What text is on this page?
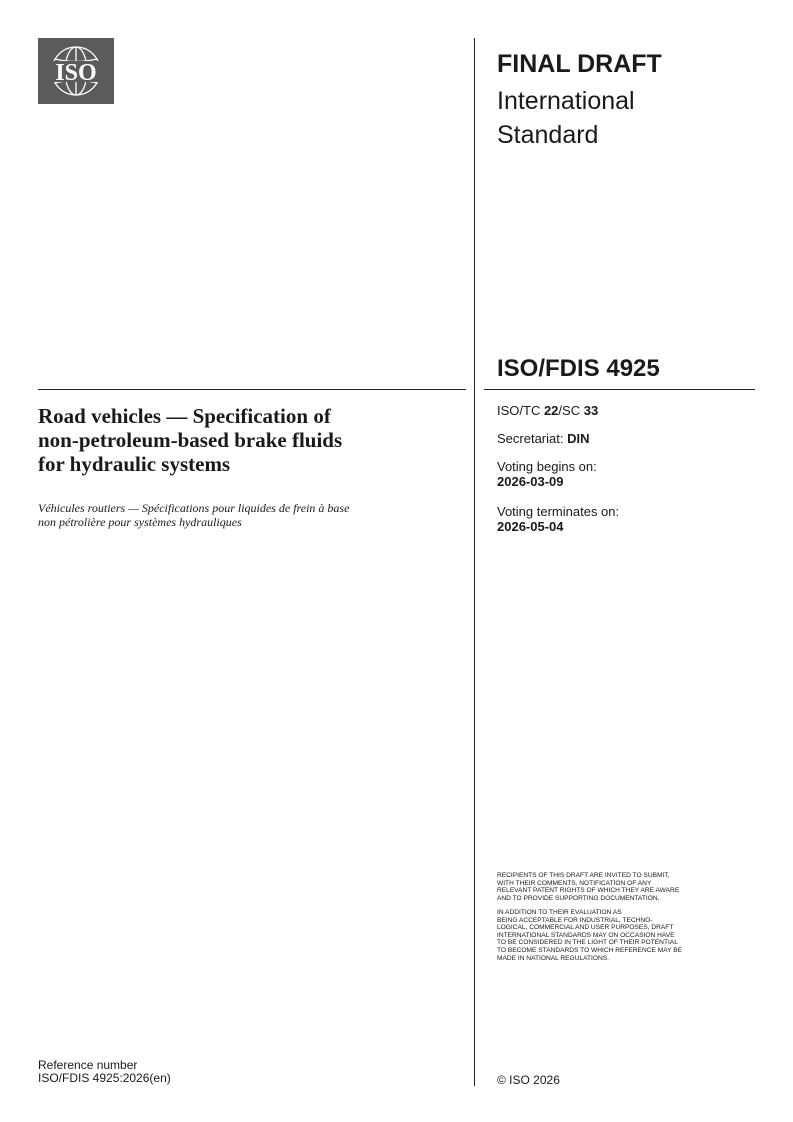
ISO	FINAL DRAFT
International
Standard
ISO/FDIS 4925
Road vehicles — Specification of
non-petroleum-based brake fluids
for hydraulic systems
Véhicules routiers — Spécifications pour liquides de frein à base
non pétrolière pour systèmes hydrauliques
ISO/TC 22/SC 33
Secretariat: DIN
Voting begins on:
2026-03-09
Voting terminates on:
2026-05-04
RECIPIENTS OF THIS DRAFT ARE INVITED TO SUBMIT,
WITH THEIR COMMENTS, NOTIFICATION OF ANY
RELEVANT PATENT RIGHTS OF WHICH THEY ARE AWARE
AND TO PROVIDE SUPPORTING DOCUMENTATION.
IN ADDITION TO THEIR EVALUATION AS
BEING ACCEPTABLE FOR INDUSTRIAL, TECHNO-
LOGICAL, COMMERCIAL AND USER PURPOSES, DRAFT
INTERNATIONAL STANDARDS MAY ON OCCASION HAVE
TO BE CONSIDERED IN THE LIGHT OF THEIR POTENTIAL
TO BECOME STANDARDS TO WHICH REFERENCE MAY BE
MADE IN NATIONAL REGULATIONS.
Reference number
ISO/FDIS 4925:2026(en)	© ISO 2026
